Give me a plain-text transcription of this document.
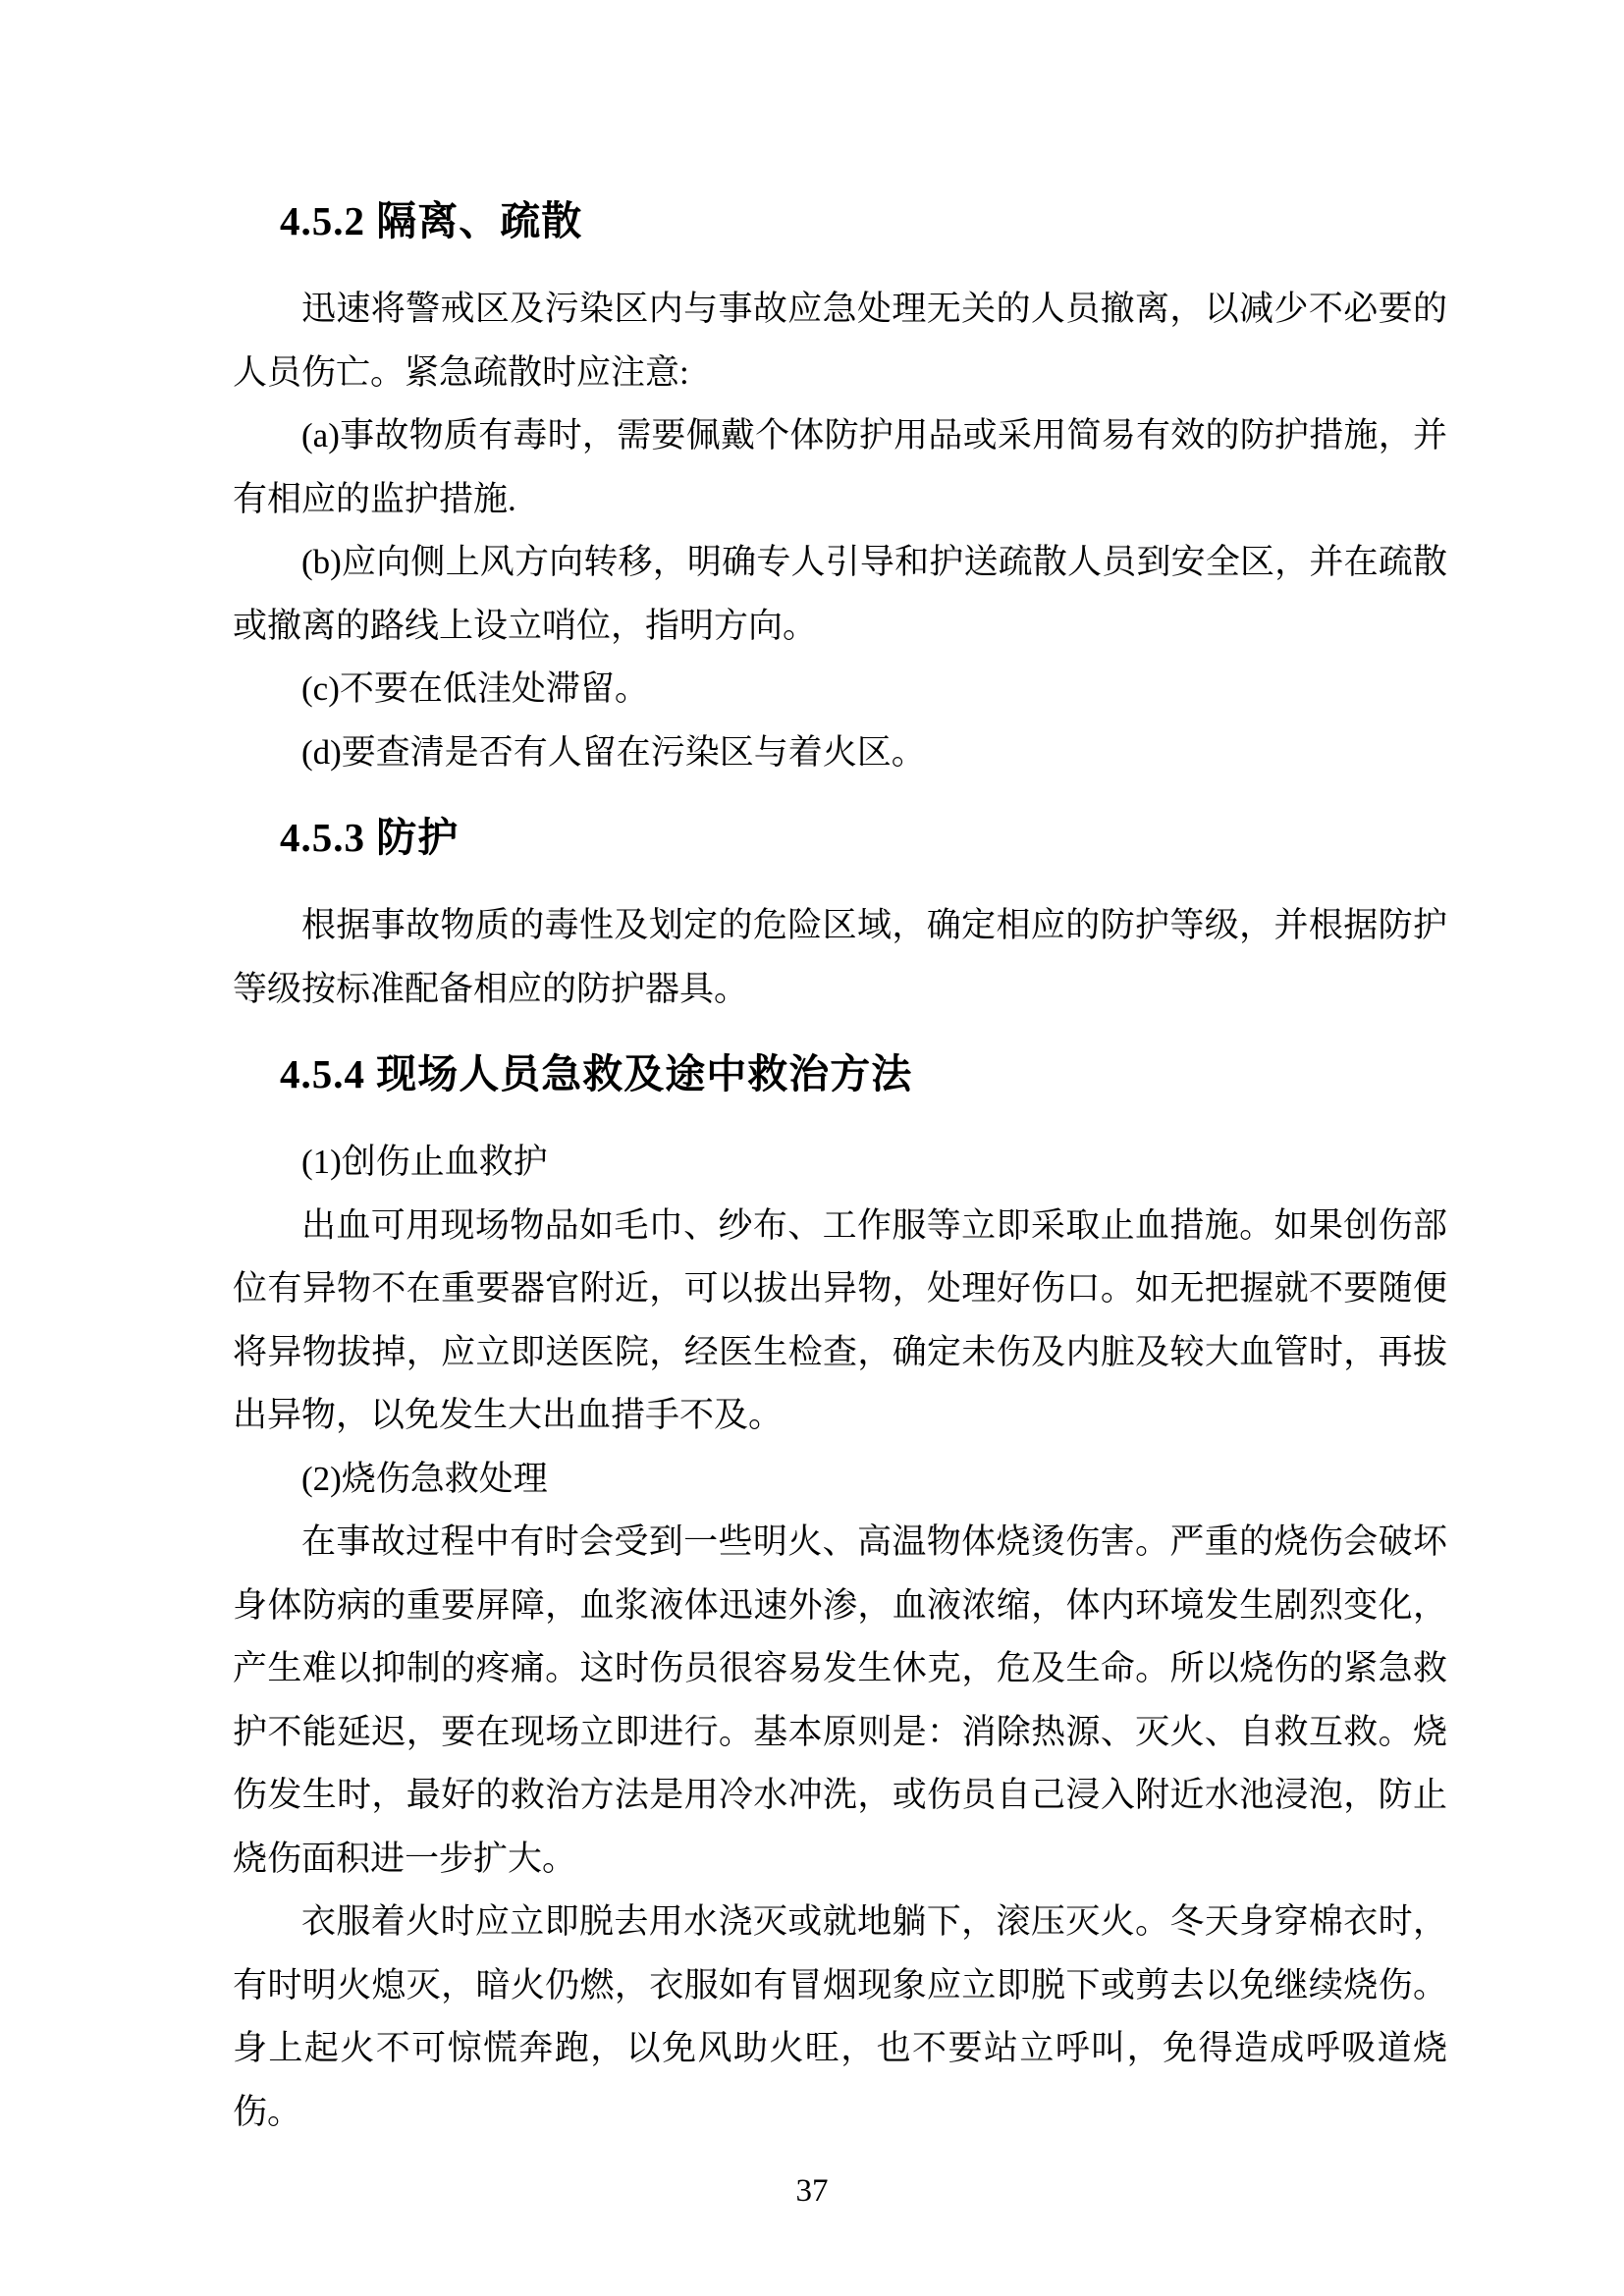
4.5.2 隔离、疏散

迅速将警戒区及污染区内与事故应急处理无关的人员撤离，以减少不必要的人员伤亡。紧急疏散时应注意:

(a)事故物质有毒时，需要佩戴个体防护用品或采用简易有效的防护措施，并有相应的监护措施.

(b)应向侧上风方向转移，明确专人引导和护送疏散人员到安全区，并在疏散或撤离的路线上设立哨位，指明方向。

(c)不要在低洼处滞留。

(d)要查清是否有人留在污染区与着火区。

4.5.3 防护

根据事故物质的毒性及划定的危险区域，确定相应的防护等级，并根据防护等级按标准配备相应的防护器具。

4.5.4 现场人员急救及途中救治方法

(1)创伤止血救护

出血可用现场物品如毛巾、纱布、工作服等立即采取止血措施。如果创伤部位有异物不在重要器官附近，可以拔出异物，处理好伤口。如无把握就不要随便将异物拔掉，应立即送医院，经医生检查，确定未伤及内脏及较大血管时，再拔出异物，以免发生大出血措手不及。

(2)烧伤急救处理

在事故过程中有时会受到一些明火、高温物体烧烫伤害。严重的烧伤会破坏身体防病的重要屏障，血浆液体迅速外渗，血液浓缩，体内环境发生剧烈变化，产生难以抑制的疼痛。这时伤员很容易发生休克，危及生命。所以烧伤的紧急救护不能延迟，要在现场立即进行。基本原则是：消除热源、灭火、自救互救。烧伤发生时，最好的救治方法是用冷水冲洗，或伤员自己浸入附近水池浸泡，防止烧伤面积进一步扩大。

衣服着火时应立即脱去用水浇灭或就地躺下，滚压灭火。冬天身穿棉衣时，有时明火熄灭，暗火仍燃，衣服如有冒烟现象应立即脱下或剪去以免继续烧伤。身上起火不可惊慌奔跑，以免风助火旺，也不要站立呼叫，免得造成呼吸道烧伤。

37
